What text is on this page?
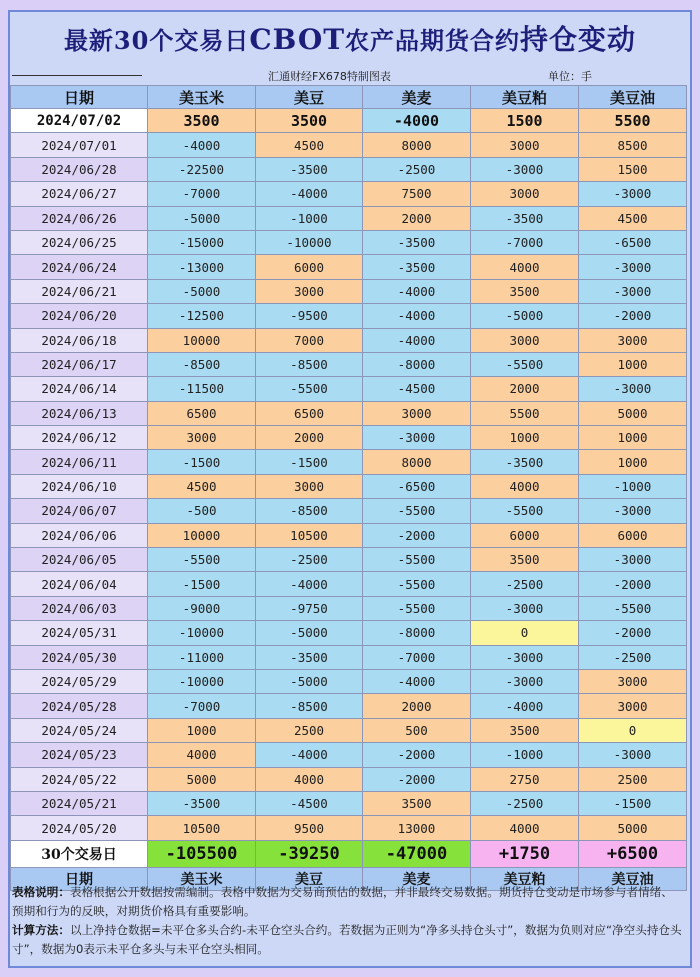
最新30个交易日CBOT农产品期货合约持仓变动
汇通财经FX678特制图表	单位：手
日期	美玉米	美豆	美麦	美豆粕	美豆油
2024/07/02	3500	3500	-4000	1500	5500
2024/07/01	-4000	4500	8000	3000	8500
2024/06/28	-22500	-3500	-2500	-3000	1500
2024/06/27	-7000	-4000	7500	3000	-3000
2024/06/26	-5000	-1000	2000	-3500	4500
2024/06/25	-15000	-10000	-3500	-7000	-6500
2024/06/24	-13000	6000	-3500	4000	-3000
2024/06/21	-5000	3000	-4000	3500	-3000
2024/06/20	-12500	-9500	-4000	-5000	-2000
2024/06/18	10000	7000	-4000	3000	3000
2024/06/17	-8500	-8500	-8000	-5500	1000
2024/06/14	-11500	-5500	-4500	2000	-3000
2024/06/13	6500	6500	3000	5500	5000
2024/06/12	3000	2000	-3000	1000	1000
2024/06/11	-1500	-1500	8000	-3500	1000
2024/06/10	4500	3000	-6500	4000	-1000
2024/06/07	-500	-8500	-5500	-5500	-3000
2024/06/06	10000	10500	-2000	6000	6000
2024/06/05	-5500	-2500	-5500	3500	-3000
2024/06/04	-1500	-4000	-5500	-2500	-2000
2024/06/03	-9000	-9750	-5500	-3000	-5500
2024/05/31	-10000	-5000	-8000	0	-2000
2024/05/30	-11000	-3500	-7000	-3000	-2500
2024/05/29	-10000	-5000	-4000	-3000	3000
2024/05/28	-7000	-8500	2000	-4000	3000
2024/05/24	1000	2500	500	3500	0
2024/05/23	4000	-4000	-2000	-1000	-3000
2024/05/22	5000	4000	-2000	2750	2500
2024/05/21	-3500	-4500	3500	-2500	-1500
2024/05/20	10500	9500	13000	4000	5000
30个交易日	-105500	-39250	-47000	+1750	+6500
日期	美玉米	美豆	美麦	美豆粕	美豆油
表格说明：表格根据公开数据按需编制。表格中数据为交易商预估的数据，并非最终交易数据。期货持仓变动是市场参与者情绪、预期和行为的反映，对期货价格具有重要影响。
计算方法：以上净持仓数据=未平仓多头合约-未平仓空头合约。若数据为正则为“净多头持仓头寸”，数据为负则对应“净空头持仓头寸”，数据为0表示未平仓多头与未平仓空头相同。
